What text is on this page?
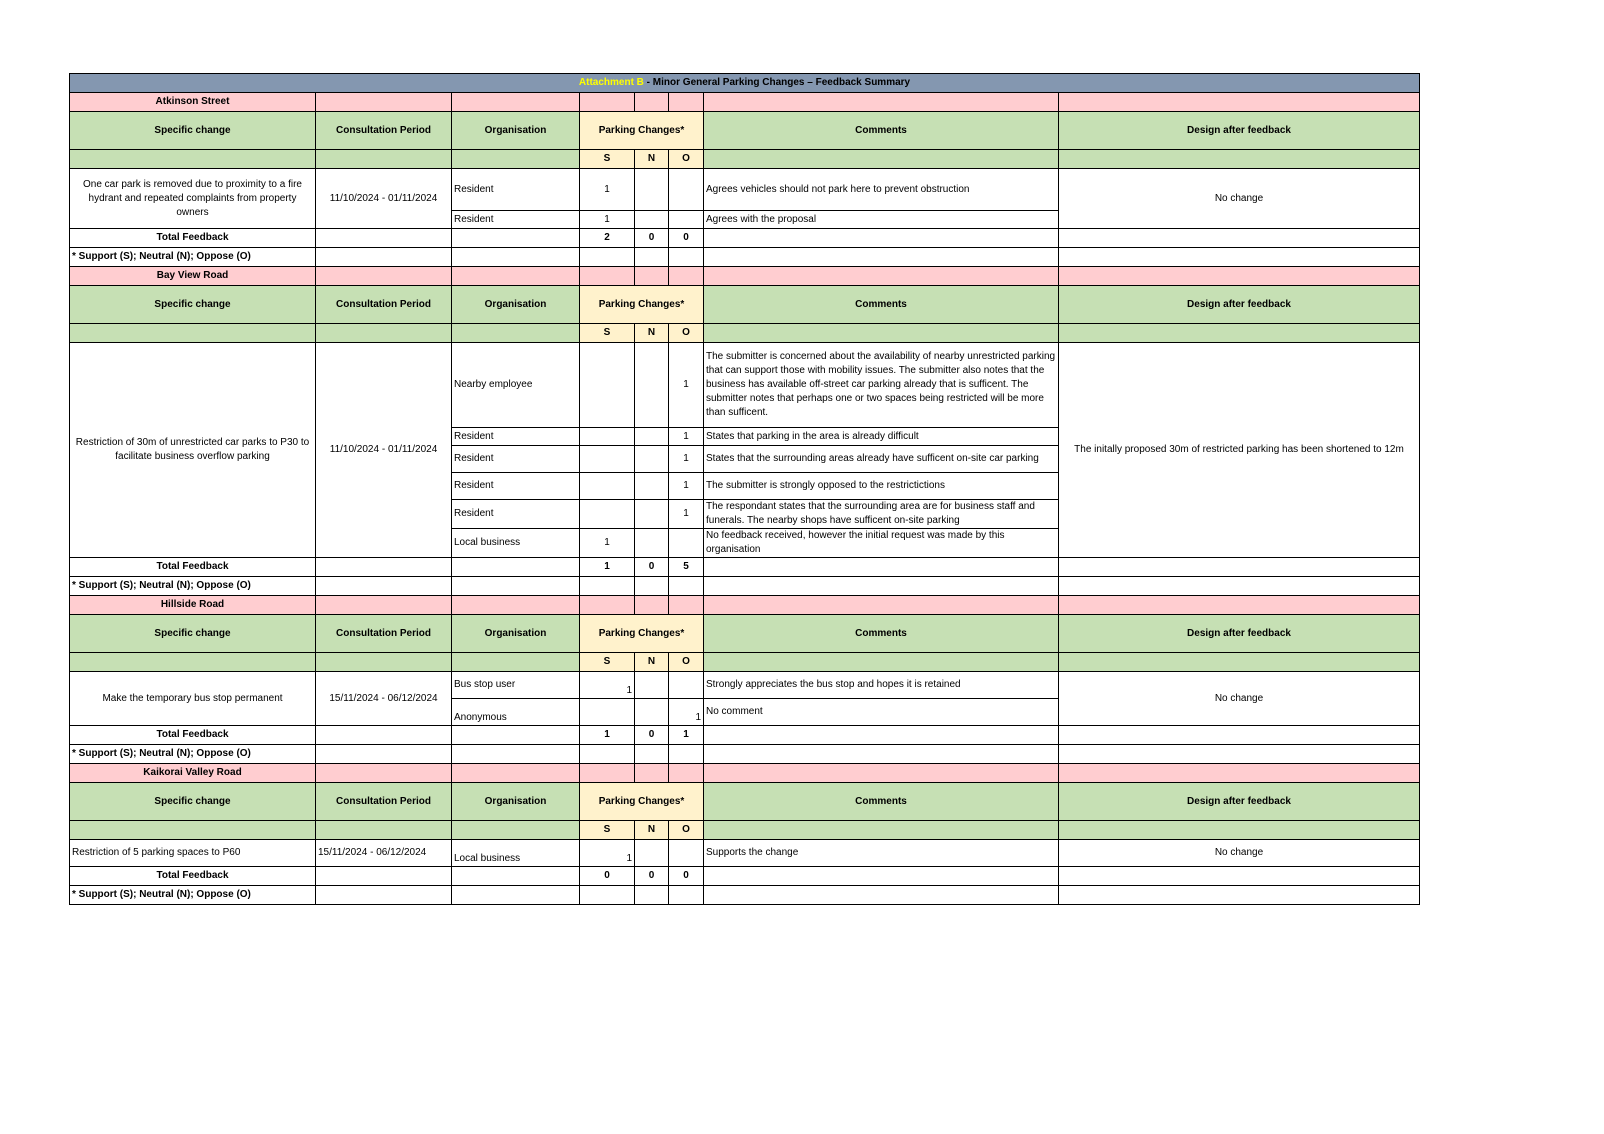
Attachment B - Minor General Parking Changes – Feedback Summary							
Atkinson Street							
Specific change	Consultation Period	Organisation	Parking Changes*			Comments	Design after feedback
			S	N	O		
One car park is removed due to proximity to a fire hydrant and repeated complaints from property owners	11/10/2024 - 01/11/2024	Resident	1			Agrees vehicles should not park here to prevent obstruction	No change
		Resident	1			Agrees with the proposal	
Total Feedback			2	0	0		
* Support (S); Neutral (N); Oppose (O)							
Bay View Road							
Specific change	Consultation Period	Organisation	Parking Changes*			Comments	Design after feedback
			S	N	O		
Restriction of 30m of unrestricted car parks to P30 to facilitate business overflow parking	11/10/2024 - 01/11/2024	Nearby employee			1	The submitter is concerned about the availability of nearby unrestricted parking that can support those with mobility issues. The submitter also notes that the business has available off-street car parking already that is sufficent. The submitter notes that perhaps one or two spaces being restricted will be more than sufficent.	The initally proposed 30m of restricted parking has been shortened to 12m
		Resident			1	States that parking in the area is already difficult	
		Resident			1	States that the surrounding areas already have sufficent on-site car parking	
		Resident			1	The submitter is strongly opposed to the restrictictions	
		Resident			1	The respondant states that the surrounding area are for business staff and funerals. The nearby shops have sufficent on-site parking	
		Local business	1			No feedback received, however the initial request was made by this organisation	
Total Feedback			1	0	5		
* Support (S); Neutral (N); Oppose (O)							
Hillside Road							
Specific change	Consultation Period	Organisation	Parking Changes*			Comments	Design after feedback
			S	N	O		
Make the temporary bus stop permanent	15/11/2024 - 06/12/2024	Bus stop user	1			Strongly appreciates the bus stop and hopes it is retained	No change
		Anonymous			1	No comment	
Total Feedback			1	0	1		
* Support (S); Neutral (N); Oppose (O)							
Kaikorai Valley Road							
Specific change	Consultation Period	Organisation	Parking Changes*			Comments	Design after feedback
			S	N	O		
Restriction of 5 parking spaces to P60	15/11/2024 - 06/12/2024	Local business	1			Supports the change	No change
Total Feedback			0	0	0		
* Support (S); Neutral (N); Oppose (O)							
